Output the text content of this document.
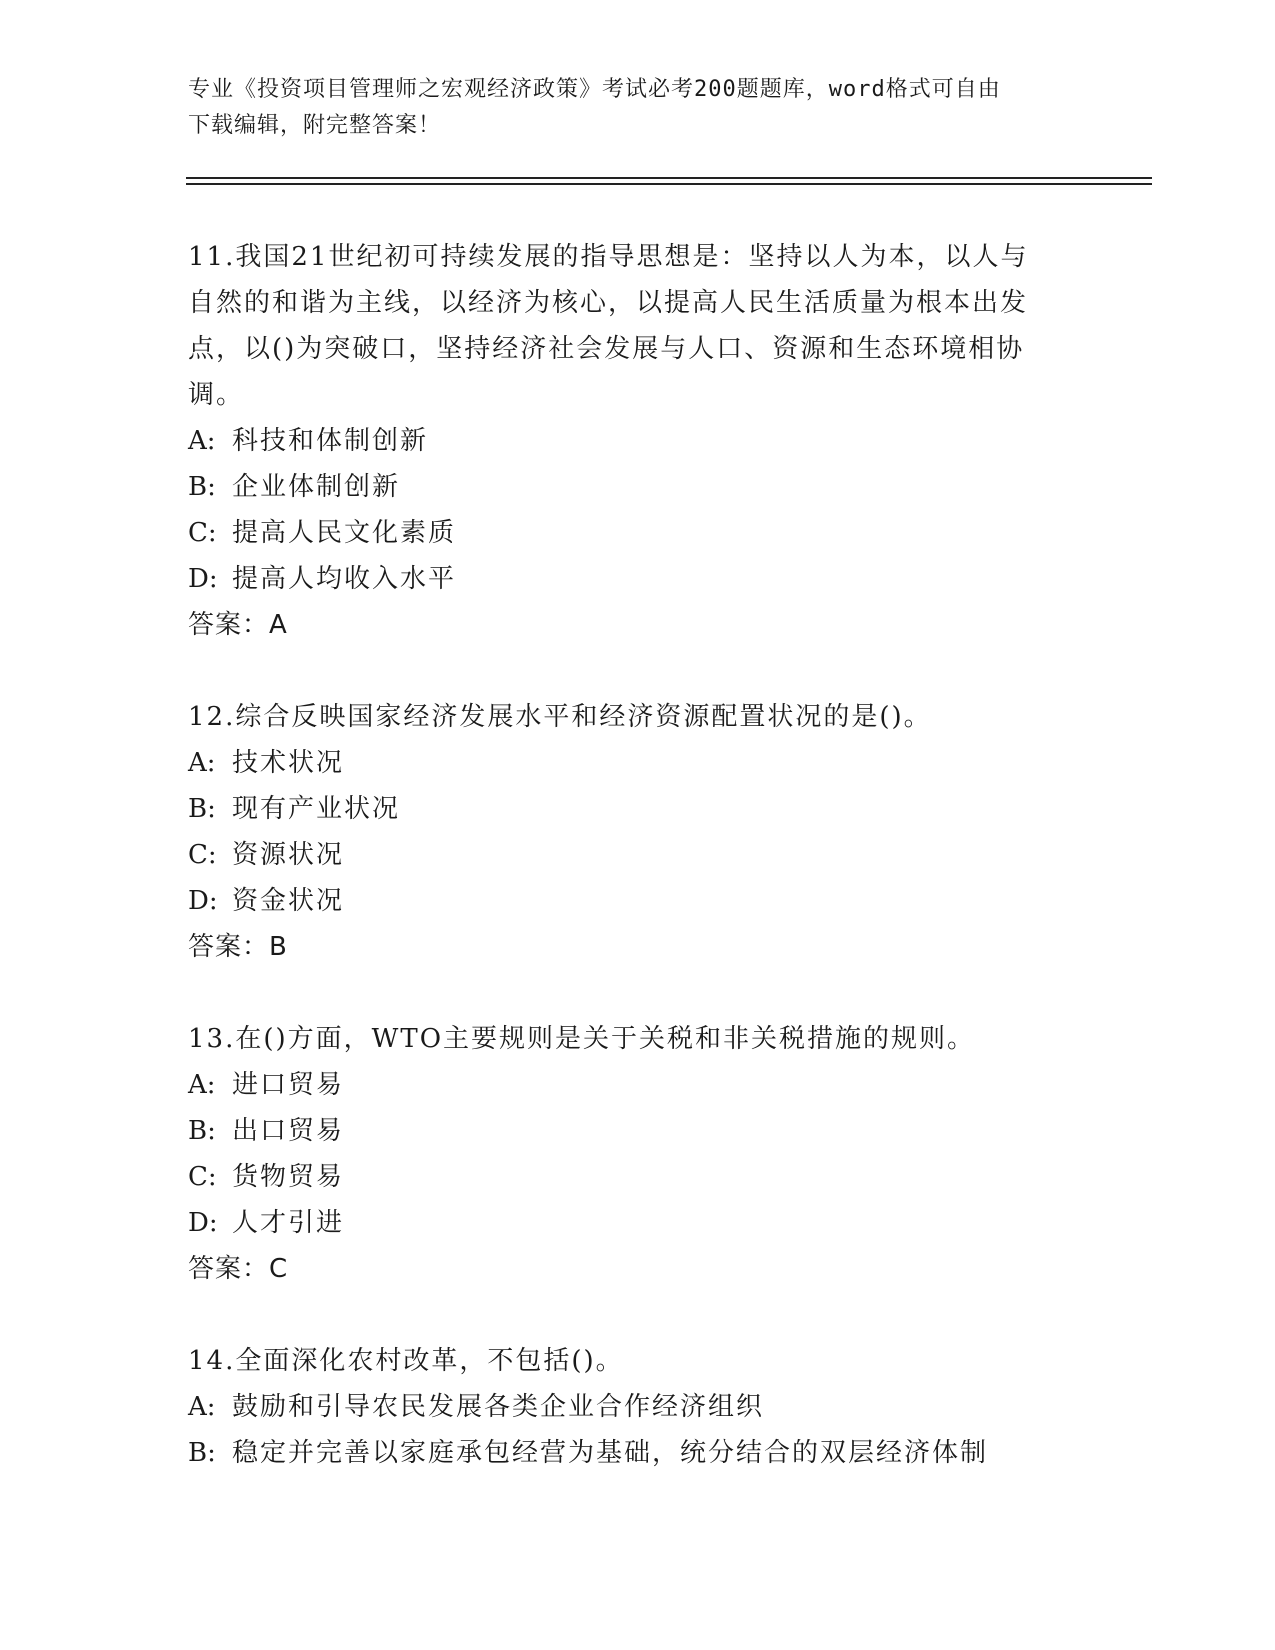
专业《投资项目管理师之宏观经济政策》考试必考200题题库，word格式可自由
下载编辑，附完整答案！

11.我国21世纪初可持续发展的指导思想是：坚持以人为本，以人与

自然的和谐为主线，以经济为核心，以提高人民生活质量为根本出发

点，以()为突破口，坚持经济社会发展与人口、资源和生态环境相协

调。

A: 科技和体制创新

B: 企业体制创新

C: 提高人民文化素质

D: 提高人均收入水平

答案：A

12.综合反映国家经济发展水平和经济资源配置状况的是()。

A: 技术状况

B: 现有产业状况

C: 资源状况

D: 资金状况

答案：B

13.在()方面，WTO主要规则是关于关税和非关税措施的规则。

A: 进口贸易

B: 出口贸易

C: 货物贸易

D: 人才引进

答案：C

14.全面深化农村改革，不包括()。

A: 鼓励和引导农民发展各类企业合作经济组织

B: 稳定并完善以家庭承包经营为基础，统分结合的双层经济体制
